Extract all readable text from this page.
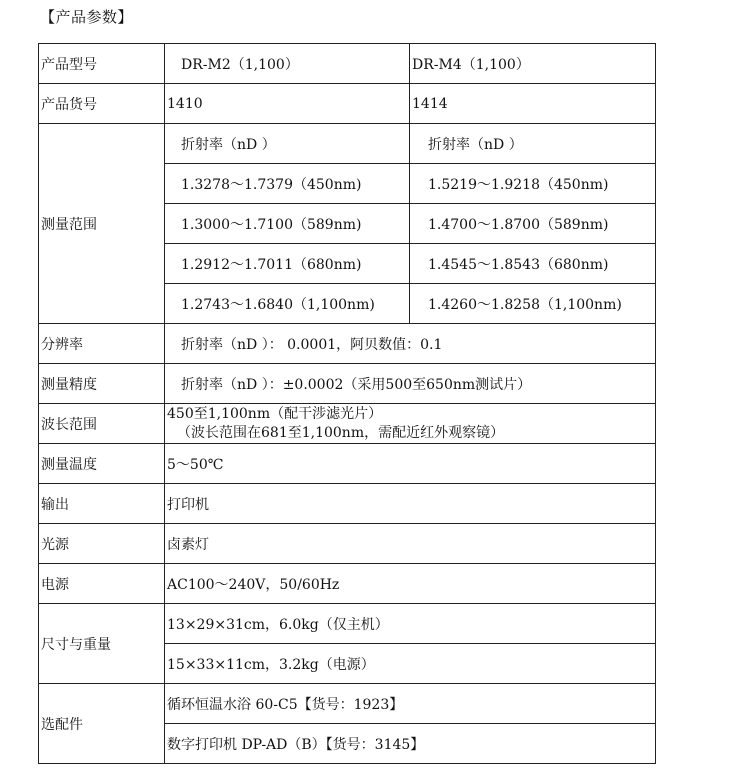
【产品参数】
产品型号	DR-M2（1,100）	DR-M4（1,100）
产品货号	1410	1414
测量范围	折射率（nD ）	折射率（nD ）
	1.3278～1.7379（450nm)	1.5219～1.9218（450nm)
	1.3000～1.7100（589nm)	1.4700～1.8700（589nm)
	1.2912～1.7011（680nm)	1.4545～1.8543（680nm)
	1.2743～1.6840（1,100nm)	1.4260～1.8258（1,100nm)
分辨率	折射率（nD ）： 0.0001，阿贝数值：0.1	
测量精度	折射率（nD ）：±0.0002（采用500至650nm测试片）	
波长范围	450至1,100nm（配干涉滤光片）
（波长范围在681至1,100nm，需配近红外观察镜）	

测量温度	5～50℃	
输出	打印机	
光源	卤素灯	
电源	AC100～240V，50/60Hz	
尺寸与重量	13×29×31cm，6.0kg（仅主机）	
	15×33×11cm，3.2kg（电源）	
选配件	循环恒温水浴 60-C5【货号：1923】	
	数字打印机 DP-AD（B）【货号：3145】	
